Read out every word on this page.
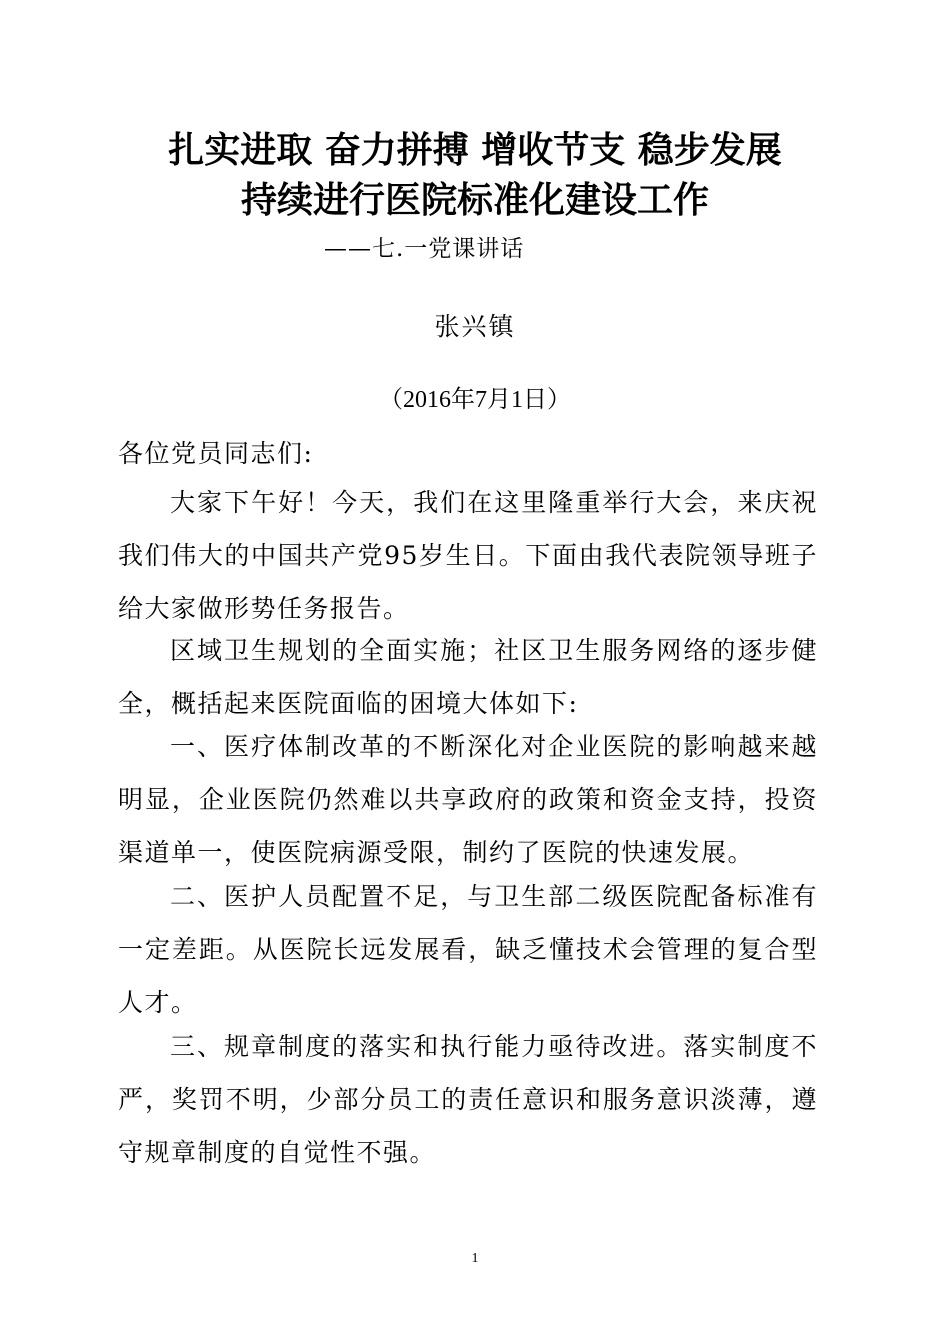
扎实进取 奋力拼搏 增收节支 稳步发展
持续进行医院标准化建设工作
——七.一党课讲话
张兴镇
（2016年7月1日）
各位党员同志们:
大家下午好！今天，我们在这里隆重举行大会，来庆祝我们伟大的中国共产党95岁生日。下面由我代表院领导班子给大家做形势任务报告。
区域卫生规划的全面实施；社区卫生服务网络的逐步健全，概括起来医院面临的困境大体如下:
一、医疗体制改革的不断深化对企业医院的影响越来越明显，企业医院仍然难以共享政府的政策和资金支持，投资渠道单一，使医院病源受限，制约了医院的快速发展。
二、医护人员配置不足，与卫生部二级医院配备标准有一定差距。从医院长远发展看，缺乏懂技术会管理的复合型人才。
三、规章制度的落实和执行能力亟待改进。落实制度不严，奖罚不明，少部分员工的责任意识和服务意识淡薄，遵守规章制度的自觉性不强。
1
